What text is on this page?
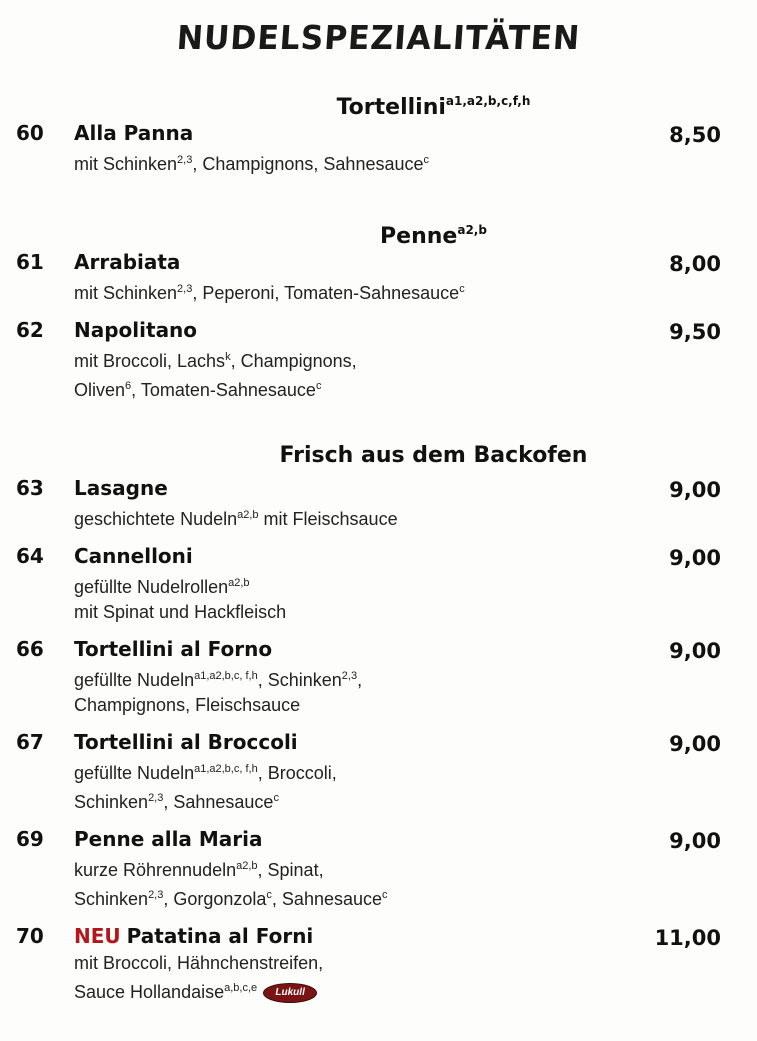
NUDELSPEZIALITÄTEN
Tortellini$^{a1,a2,b,c,f,h}$
60 Alla Panna	8,50
mit Schinken$^{2,3}$, Champignons, Sahnesauce$^c$
Penne$^{a2,b}$
61 Arrabiata	8,00
mit Schinken$^{2,3}$, Peperoni, Tomaten-Sahnesauce$^c$
62 Napolitano	9,50
mit Broccoli, Lachs$^k$, Champignons,
Oliven$^6$, Tomaten-Sahnesauce$^c$
Frisch aus dem Backofen
63 Lasagne	9,00
geschichtete Nudeln$^{a2,b}$ mit Fleischsauce
64 Cannelloni	9,00
gefüllte Nudelrollen$^{a2,b}$
mit Spinat und Hackfleisch
66 Tortellini al Forno	9,00
gefüllte Nudeln$^{a1,a2,b,c, f,h}$, Schinken$^{2,3}$,
Champignons, Fleischsauce
67 Tortellini al Broccoli	9,00
gefüllte Nudeln$^{a1,a2,b,c, f,h}$, Broccoli,
Schinken$^{2,3}$, Sahnesauce$^c$
69 Penne alla Maria	9,00
kurze Röhrennudeln$^{a2,b}$, Spinat,
Schinken$^{2,3}$, Gorgonzola$^c$, Sahnesauce$^c$
70 NEU Patatina al Forni	11,00
mit Broccoli, Hähnchenstreifen,
Sauce Hollandaise$^{a,b,c,e}$ Lukull
